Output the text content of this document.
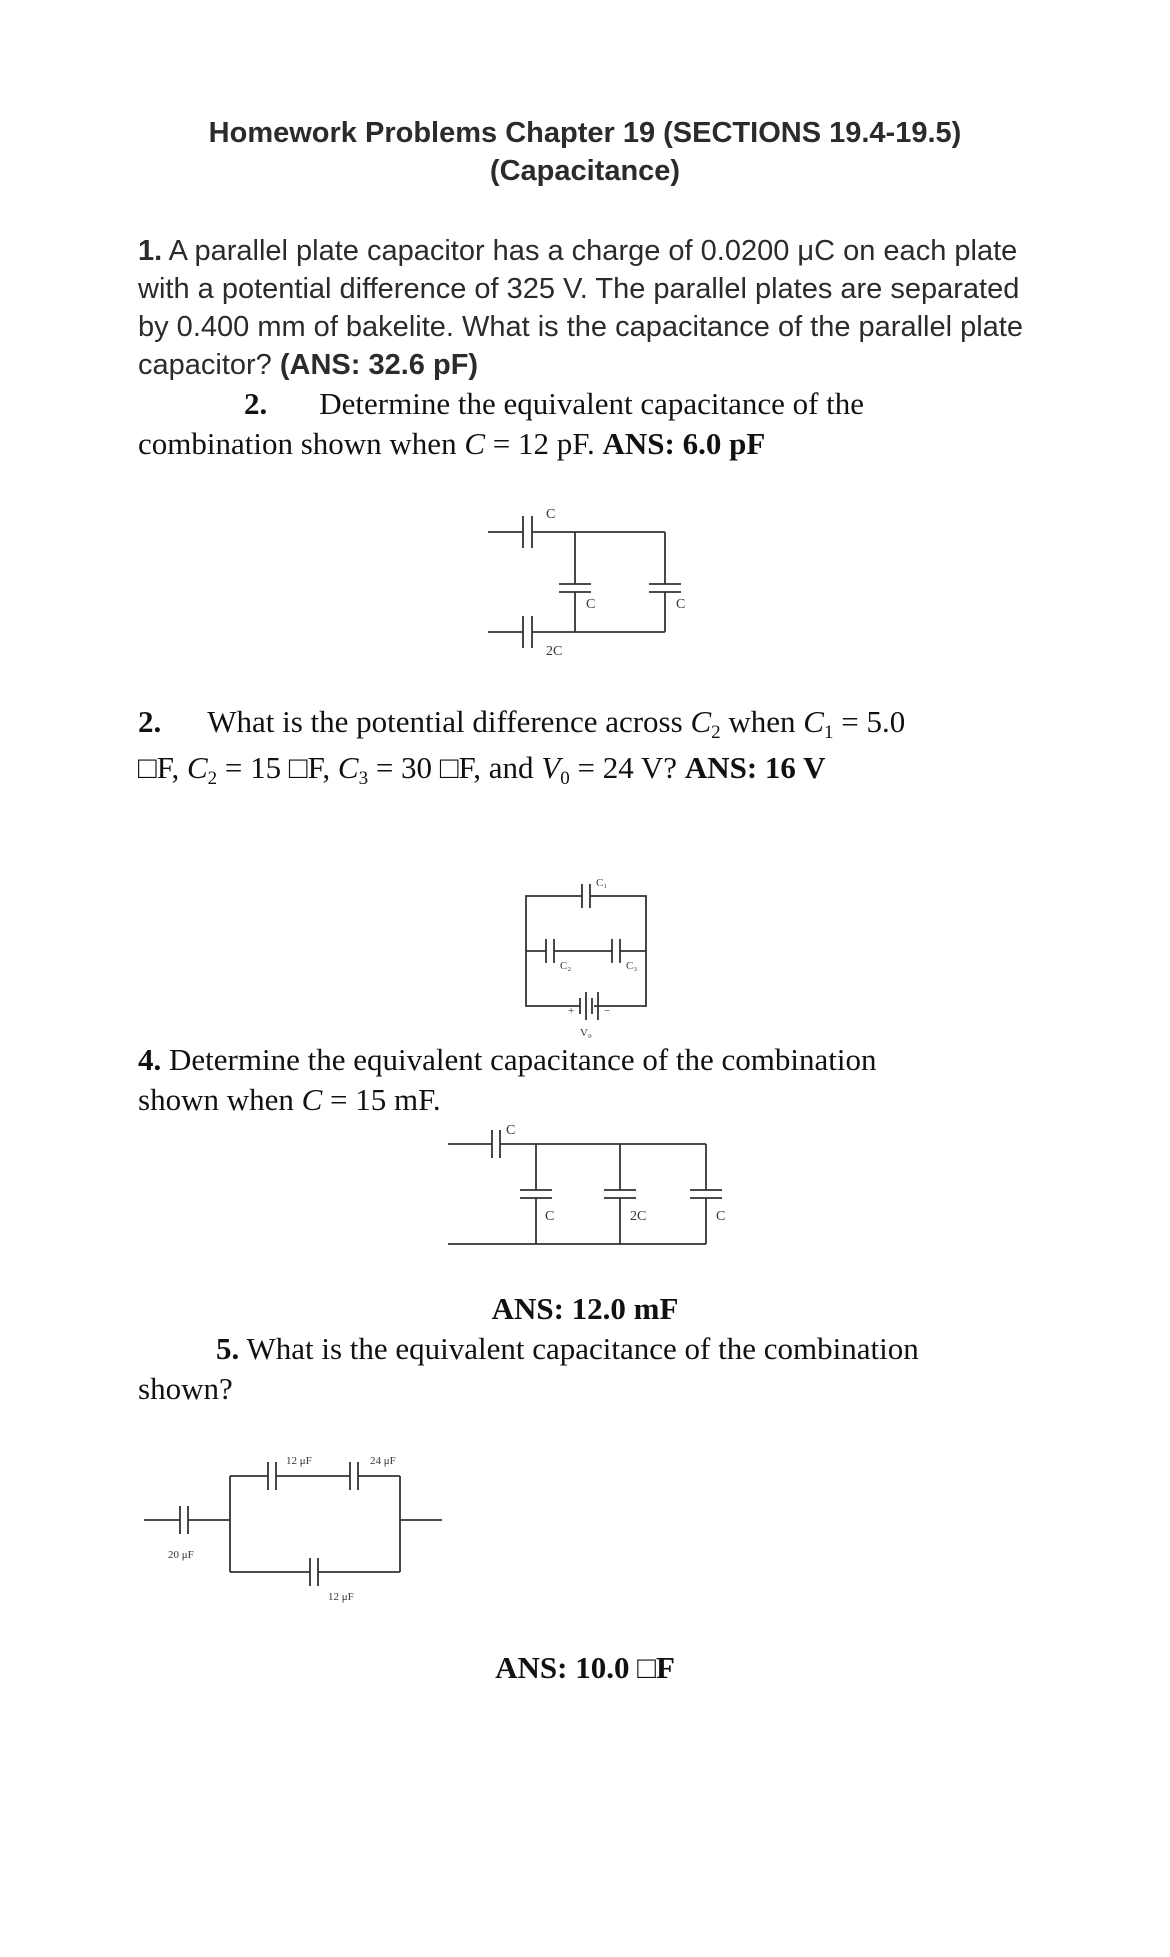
Homework Problems Chapter 19 (SECTIONS 19.4-19.5)
(Capacitance)
1. A parallel plate capacitor has a charge of 0.0200 μC on each plate with a potential difference of 325 V. The parallel plates are separated by 0.400 mm of bakelite. What is the capacitance of the parallel plate capacitor? (ANS: 32.6 pF)
2. Determine the equivalent capacitance of the
combination shown when C = 12 pF. ANS: 6.0 pF
C
2C
C	C
2. What is the potential difference across $C_2$ when $C_1 = 5.0$
□F, $C_2 = 15$ □F, $C_3 = 30$ □F, and $V_0 = 24$ V? ANS: 16 V
C₁
C₂	C₃
+	−
V₀
4. Determine the equivalent capacitance of the combination
shown when C = 15 mF.
C
C	2C	C
ANS: 12.0 mF
5. What is the equivalent capacitance of the combination
shown?
20 μF
12 μF	24 μF
12 μF
ANS: 10.0 □F
